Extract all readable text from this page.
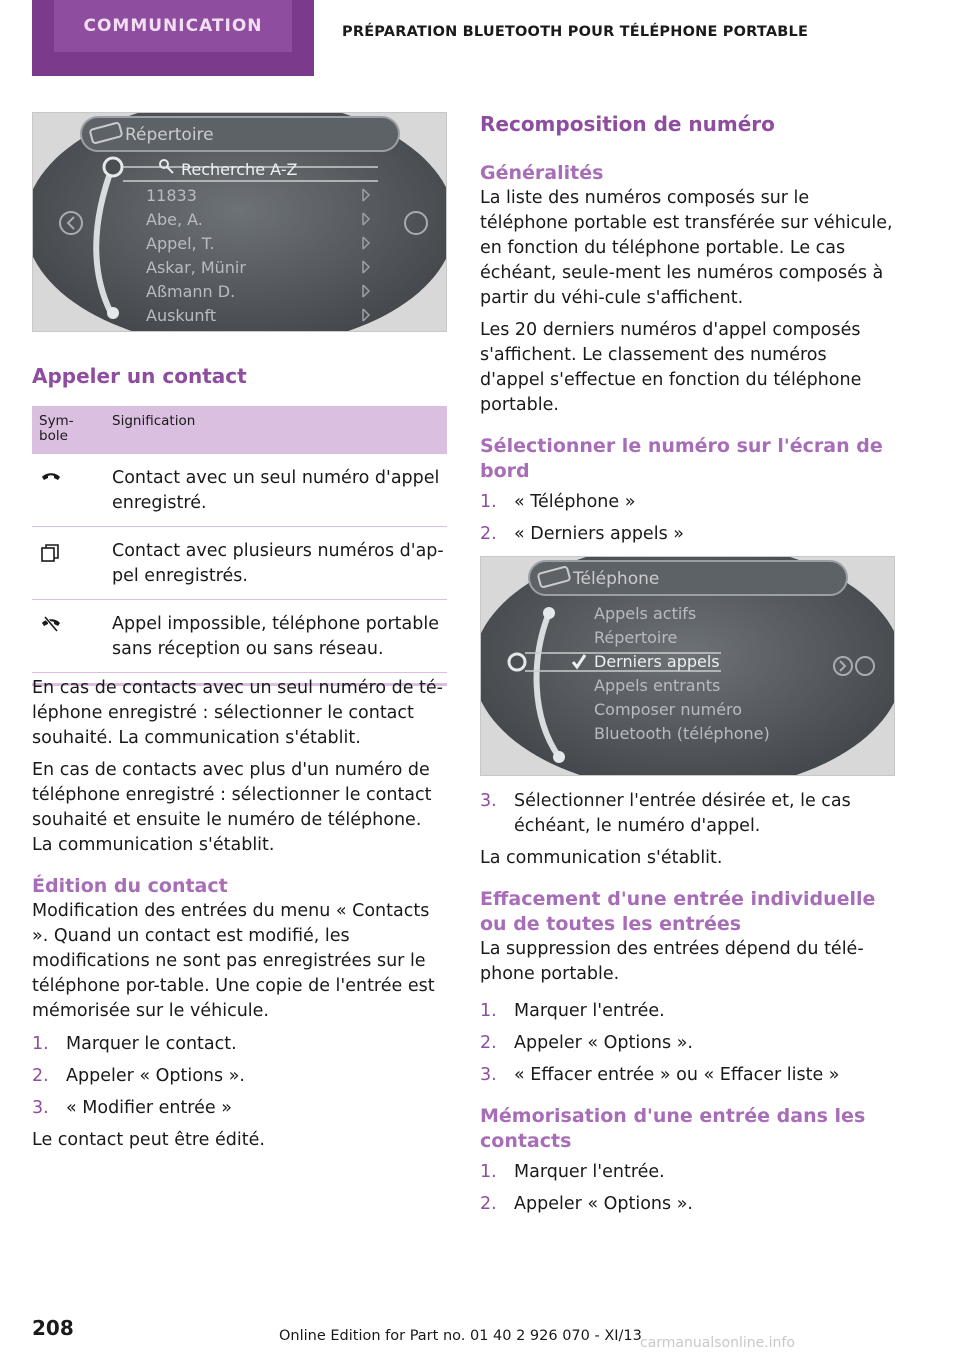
COMMUNICATION	PRÉPARATION BLUETOOTH POUR TÉLÉPHONE PORTABLE
Répertoire
Recherche A-Z
11833
Abe, A.
Appel, T.
Askar, Münir
Aßmann D.
Auskunft
Appeler un contact
Sym-
bole
Signification
Contact avec un seul numéro d'appel enregistré.
Contact avec plusieurs numéros d'ap-pel enregistrés.
Appel impossible, téléphone portable sans réception ou sans réseau.

En cas de contacts avec un seul numéro de té-léphone enregistré : sélectionner le contact souhaité. La communication s'établit.

En cas de contacts avec plus d'un numéro de téléphone enregistré : sélectionner le contact souhaité et ensuite le numéro de téléphone. La communication s'établit.

Édition du contact

Modification des entrées du menu « Contacts ». Quand un contact est modifié, les modifications ne sont pas enregistrées sur le téléphone por-table. Une copie de l'entrée est mémorisée sur le véhicule.

1. Marquer le contact.
2. Appeler « Options ».
3. « Modifier entrée »

Le contact peut être édité.

Recomposition de numéro
Généralités

La liste des numéros composés sur le téléphone portable est transférée sur véhicule, en fonction du téléphone portable. Le cas échéant, seule-ment les numéros composés à partir du véhi-cule s'affichent.

Les 20 derniers numéros d'appel composés s'affichent. Le classement des numéros d'appel s'effectue en fonction du téléphone portable.

Sélectionner le numéro sur l'écran de bord
1. « Téléphone »
2. « Derniers appels »
Téléphone
Appels actifs
Répertoire
Derniers appels
Appels entrants
Composer numéro
Bluetooth (téléphone)
3. Sélectionner l'entrée désirée et, le cas échéant, le numéro d'appel.

La communication s'établit.

Effacement d'une entrée individuelle ou de toutes les entrées

La suppression des entrées dépend du télé-phone portable.

1. Marquer l'entrée.
2. Appeler « Options ».
3. « Effacer entrée » ou « Effacer liste »
Mémorisation d'une entrée dans les contacts
1. Marquer l'entrée.
2. Appeler « Options ».
208	Online Edition for Part no. 01 40 2 926 070 - XI/13
carmanualsonline.info
